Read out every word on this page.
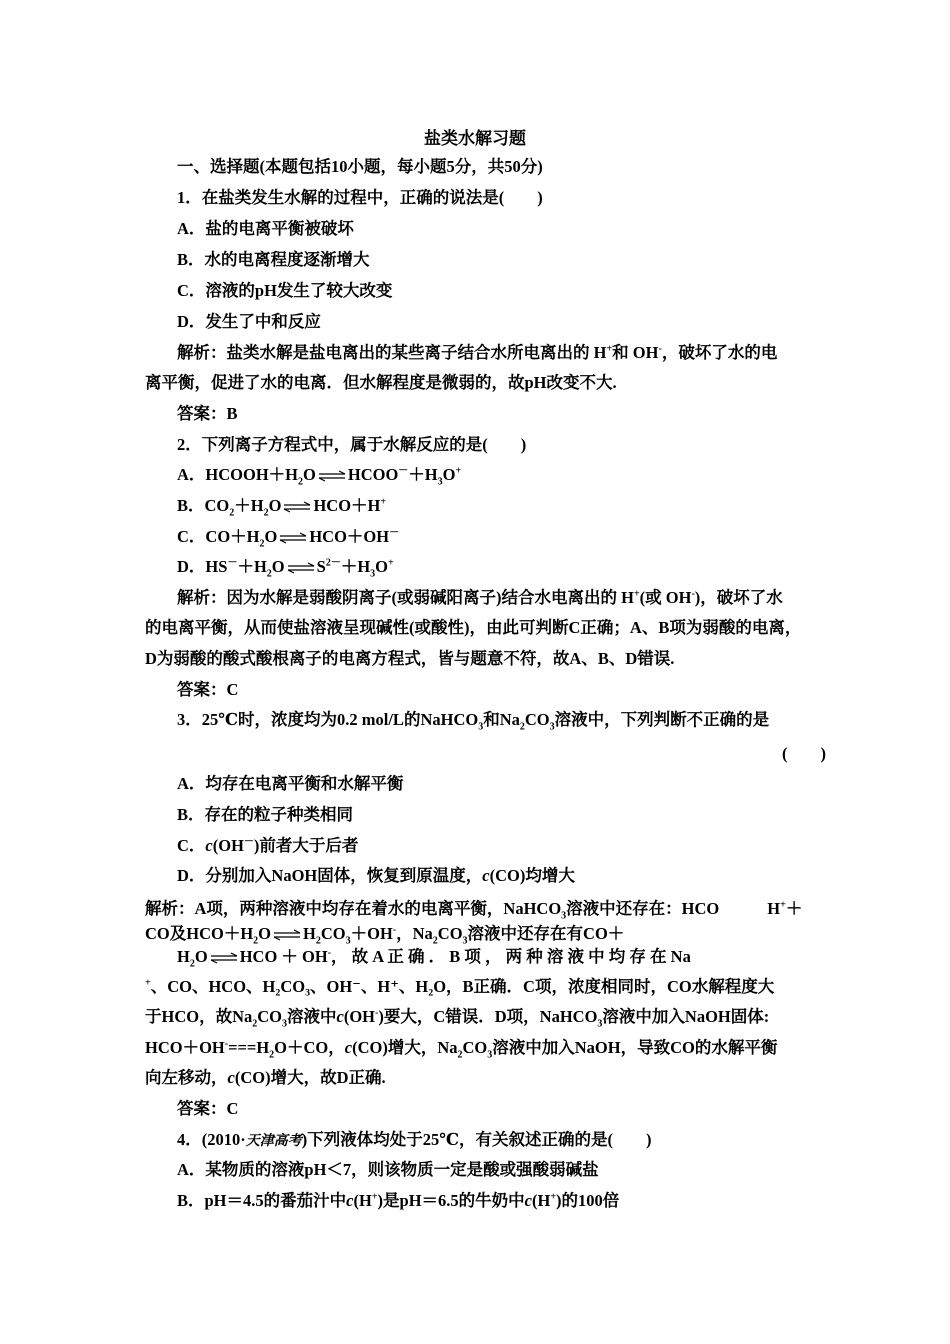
盐类水解习题
一、选择题(本题包括10小题，每小题5分，共50分)
1．在盐类发生水解的过程中，正确的说法是(　　)
A．盐的电离平衡被破坏
B．水的电离程度逐渐增大
C．溶液的pH发生了较大改变
D．发生了中和反应
解析：盐类水解是盐电离出的某些离子结合水所电离出的 H+和 OH-，破坏了水的电
离平衡，促进了水的电离．但水解程度是微弱的，故pH改变不大.
答案：B
2．下列离子方程式中，属于水解反应的是(　　)
A．$HCOOH+H_2O\rightleftharpoons HCOO^-+H_3O^+$
B．$CO_2+H_2O\rightleftharpoons HCO+H^+$
C．$CO+H_2O\rightleftharpoons HCO+OH^-$
D．$HS^-+H_2O\rightleftharpoons S^{2-}+H_3O^+$
解析：因为水解是弱酸阴离子(或弱碱阳离子)结合水电离出的 H+(或 OH-)，破坏了水
的电离平衡，从而使盐溶液呈现碱性(或酸性)，由此可判断C正确；A、B项为弱酸的电离，
D为弱酸的酸式酸根离子的电离方程式，皆与题意不符，故A、B、D错误.
答案：C
3．25℃时，浓度均为0.2 mol/L的NaHCO$_3$和$Na_2CO_3$溶液中，下列判断不正确的是
(　　)
A．均存在电离平衡和水解平衡
B．存在的粒子种类相同
C．c(OH－)前者大于后者
D．分别加入NaOH固体，恢复到原温度，c(CO)均增大
解析：A项，两种溶液中均存在着水的电离平衡，NaHCO$_3$溶液中还存在：HCO	H+＋
CO及$HCO+H_2O\rightleftharpoons H_2CO_3+OH^-$，$Na_2CO_3$溶液中还存在有CO＋
$H_2O\rightleftharpoons HCO + OH^-$， 故 A 正 确 ． B 项 ， 两 种 溶 液 中 均 存 在 Na
+、CO、HCO、H₂CO₃、OH⁻、H⁺、H₂O，B正确．C项，浓度相同时，CO水解程度大
于HCO，故$Na_2CO_3$溶液中c(OH-)要大，C错误．D项，NaHCO$_3$溶液中加入NaOH固体:
$HCO+OH^-===H_2O+CO$，c(CO)增大，$Na_2CO_3$溶液中加入NaOH，导致CO的水解平衡
向左移动，c(CO)增大，故D正确.
答案：C
4．(2010·天津高考)下列液体均处于25℃，有关叙述正确的是(　　)
A．某物质的溶液pH＜7，则该物质一定是酸或强酸弱碱盐
B．pH＝4.5的番茄汁中c(H+)是pH＝6.5的牛奶中c(H+)的100倍
